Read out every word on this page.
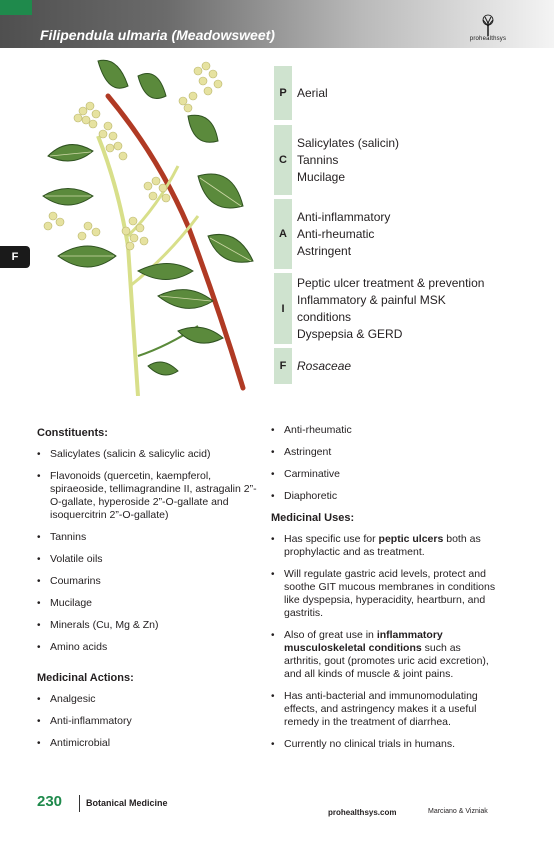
Filipendula ulmaria (Meadowsweet)	prohealthsys
F
P Aerial
C
Salicylates (salicin)
Tannins
Mucilage
A
Anti-inflammatory
Anti-rheumatic
Astringent
I
Peptic ulcer treatment & prevention
Inflammatory & painful MSK
conditions
Dyspepsia & GERD
F Rosaceae
Constituents:
• Salicylates (salicin & salicylic acid)
• Flavonoids (quercetin, kaempferol, spiraeoside, tellimagrandine II, astragalin 2”-O-gallate, hyperoside 2”-O-gallate and isoquercitrin 2”-O-gallate)
• Tannins
• Volatile oils
• Coumarins
• Mucilage
• Minerals (Cu, Mg & Zn)
• Amino acids
Medicinal Actions:
• Analgesic
• Anti-inflammatory
• Antimicrobial
• Anti-rheumatic
• Astringent
• Carminative
• Diaphoretic
Medicinal Uses:
• Has specific use for peptic ulcers both as prophylactic and as treatment.
• Will regulate gastric acid levels, protect and soothe GIT mucous membranes in conditions like dyspepsia, hyperacidity, heartburn, and gastritis.
• Also of great use in inflammatory musculoskeletal conditions such as arthritis, gout (promotes uric acid excretion), and all kinds of muscle & joint pains.
• Has anti-bacterial and immunomodulating effects, and astringency makes it a useful remedy in the treatment of diarrhea.
• Currently no clinical trials in humans.
230	Botanical Medicine
prohealthsys.com	Marciano & Vizniak
